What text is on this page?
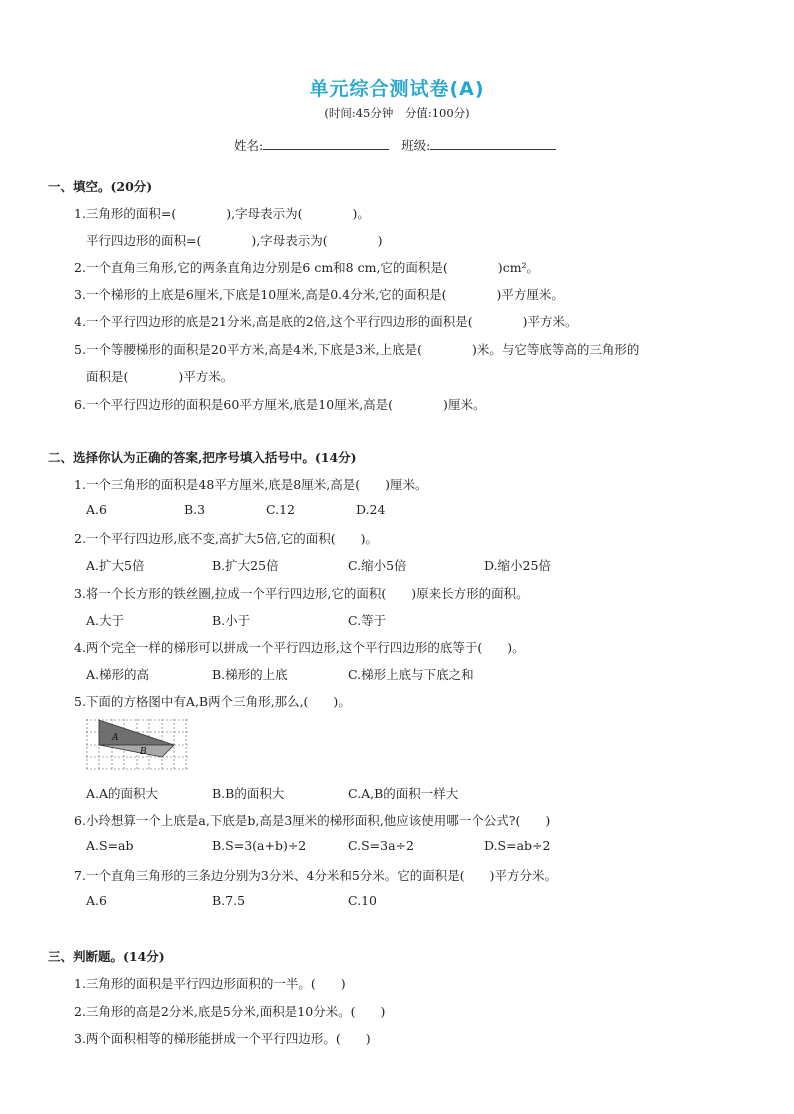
单元综合测试卷(A)
(时间:45分钟　分值:100分)
姓名:	班级:
一、填空。(20分)
1.三角形的面积=(　　　　),字母表示为(　　　　)。
平行四边形的面积=(　　　　),字母表示为(　　　　)
2.一个直角三角形,它的两条直角边分别是6 cm和8 cm,它的面积是(　　　　)cm²。
3.一个梯形的上底是6厘米,下底是10厘米,高是0.4分米,它的面积是(　　　　)平方厘米。
4.一个平行四边形的底是21分米,高是底的2倍,这个平行四边形的面积是(　　　　)平方米。
5.一个等腰梯形的面积是20平方米,高是4米,下底是3米,上底是(　　　　)米。与它等底等高的三角形的
面积是(　　　　)平方米。
6.一个平行四边形的面积是60平方厘米,底是10厘米,高是(　　　　)厘米。
二、选择你认为正确的答案,把序号填入括号中。(14分)
1.一个三角形的面积是48平方厘米,底是8厘米,高是(　　)厘米。
A.6	B.3	C.12	D.24
2.一个平行四边形,底不变,高扩大5倍,它的面积(　　)。
A.扩大5倍	B.扩大25倍	C.缩小5倍	D.缩小25倍
3.将一个长方形的铁丝圈,拉成一个平行四边形,它的面积(　　)原来长方形的面积。
A.大于	B.小于	C.等于
4.两个完全一样的梯形可以拼成一个平行四边形,这个平行四边形的底等于(　　)。
A.梯形的高	B.梯形的上底	C.梯形上底与下底之和
5.下面的方格图中有A,B两个三角形,那么,(　　)。
A
B
A.A的面积大	B.B的面积大	C.A,B的面积一样大
6.小玲想算一个上底是a,下底是b,高是3厘米的梯形面积,他应该使用哪一个公式?(　　)
A.S=ab	B.S=3(a+b)÷2	C.S=3a÷2	D.S=ab÷2
7.一个直角三角形的三条边分别为3分米、4分米和5分米。它的面积是(　　)平方分米。
A.6	B.7.5	C.10
三、判断题。(14分)
1.三角形的面积是平行四边形面积的一半。(　　)
2.三角形的高是2分米,底是5分米,面积是10分米。(　　)
3.两个面积相等的梯形能拼成一个平行四边形。(　　)
